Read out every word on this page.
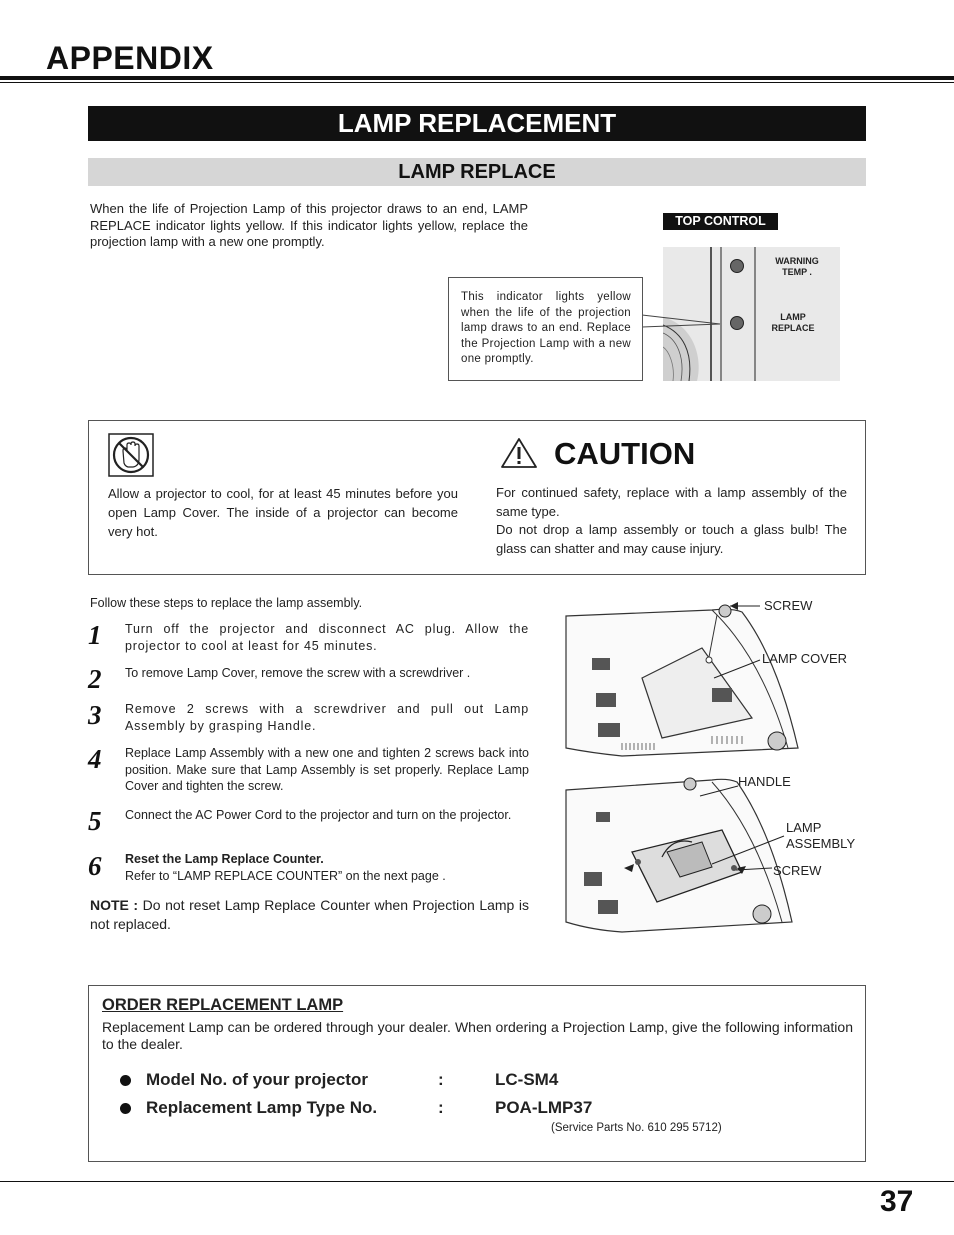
APPENDIX
LAMP REPLACEMENT
LAMP REPLACE
When the life of Projection Lamp of this projector draws to an end, LAMP REPLACE indicator lights yellow. If this indicator lights yellow, replace the projection lamp with a new one promptly.
TOP CONTROL
WARNING
TEMP .
LAMP
REPLACE
This indicator lights yellow when the life of the projection lamp draws to an end. Replace the Projection Lamp with a new one promptly.
Allow a projector to cool, for at least 45 minutes before you open Lamp Cover. The inside of a projector can become very hot.
CAUTION
For continued safety, replace with a lamp assembly of the same type.
Do not drop a lamp assembly or touch a glass bulb! The glass can shatter and may cause injury.
Follow these steps to replace the lamp assembly.
1 Turn off the projector and disconnect AC plug. Allow the projector to cool at least for 45 minutes.
2 To remove Lamp Cover, remove the screw with a screwdriver .
3 Remove 2 screws with a screwdriver and pull out Lamp Assembly by grasping Handle.
4 Replace Lamp Assembly with a new one and tighten 2 screws back into position. Make sure that Lamp Assembly is set properly. Replace Lamp Cover and tighten the screw.
5 Connect the AC Power Cord to the projector and turn on the projector.
6 Reset the Lamp Replace Counter.
Refer to “LAMP REPLACE COUNTER” on the next page .
NOTE : Do not reset Lamp Replace Counter when Projection Lamp is not replaced.
SCREW
LAMP COVER
HANDLE
LAMP
ASSEMBLY
SCREW
ORDER REPLACEMENT LAMP
Replacement Lamp can be ordered through your dealer. When ordering a Projection Lamp, give the following information to the dealer.
Model No. of your projector	:	LC-SM4
Replacement Lamp Type No.	:	POA-LMP37
(Service Parts No. 610 295 5712)
37
